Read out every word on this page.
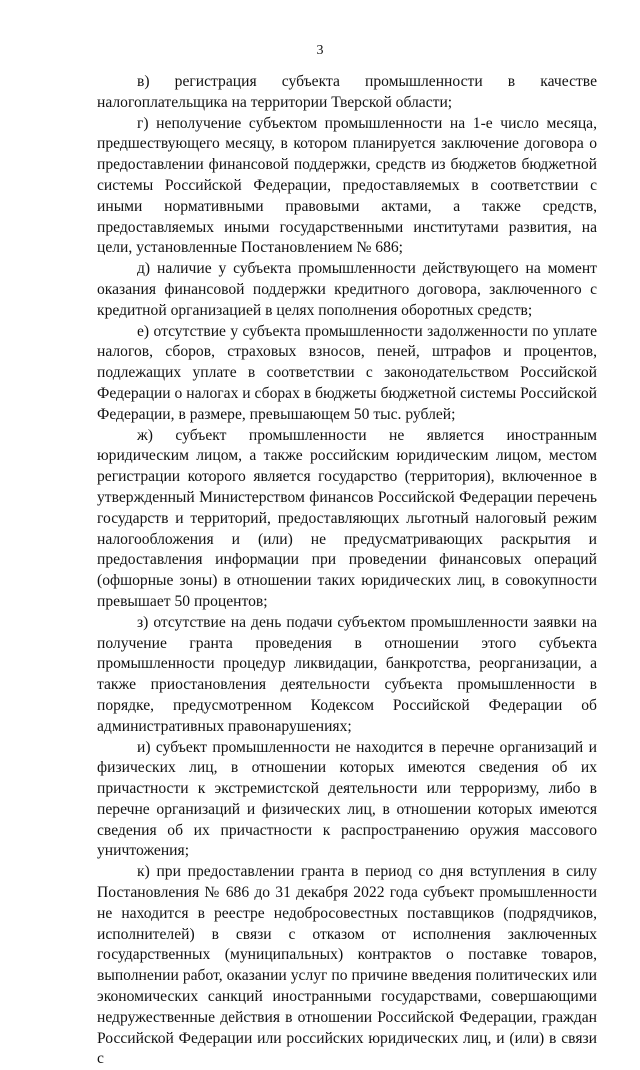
3

в) регистрация субъекта промышленности в качестве налогоплательщика на территории Тверской области;

г) неполучение субъектом промышленности на 1-е число месяца, предшествующего месяцу, в котором планируется заключение договора о предоставлении финансовой поддержки, средств из бюджетов бюджетной системы Российской Федерации, предоставляемых в соответствии с иными нормативными правовыми актами, а также средств, предоставляемых иными государственными институтами развития, на цели, установленные Постановлением № 686;

д) наличие у субъекта промышленности действующего на момент оказания финансовой поддержки кредитного договора, заключенного с кредитной организацией в целях пополнения оборотных средств;

е) отсутствие у субъекта промышленности задолженности по уплате налогов, сборов, страховых взносов, пеней, штрафов и процентов, подлежащих уплате в соответствии с законодательством Российской Федерации о налогах и сборах в бюджеты бюджетной системы Российской Федерации, в размере, превышающем 50 тыс. рублей;

ж) субъект промышленности не является иностранным юридическим лицом, а также российским юридическим лицом, местом регистрации которого является государство (территория), включенное в утвержденный Министерством финансов Российской Федерации перечень государств и территорий, предоставляющих льготный налоговый режим налогообложения и (или) не предусматривающих раскрытия и предоставления информации при проведении финансовых операций (офшорные зоны) в отношении таких юридических лиц, в совокупности превышает 50 процентов;

з) отсутствие на день подачи субъектом промышленности заявки на получение гранта проведения в отношении этого субъекта промышленности процедур ликвидации, банкротства, реорганизации, а также приостановления деятельности субъекта промышленности в порядке, предусмотренном Кодексом Российской Федерации об административных правонарушениях;

и) субъект промышленности не находится в перечне организаций и физических лиц, в отношении которых имеются сведения об их причастности к экстремистской деятельности или терроризму, либо в перечне организаций и физических лиц, в отношении которых имеются сведения об их причастности к распространению оружия массового уничтожения;

к) при предоставлении гранта в период со дня вступления в силу Постановления № 686 до 31 декабря 2022 года субъект промышленности не находится в реестре недобросовестных поставщиков (подрядчиков, исполнителей) в связи с отказом от исполнения заключенных государственных (муниципальных) контрактов о поставке товаров, выполнении работ, оказании услуг по причине введения политических или экономических санкций иностранными государствами, совершающими недружественные действия в отношении Российской Федерации, граждан Российской Федерации или российских юридических лиц, и (или) в связи с
